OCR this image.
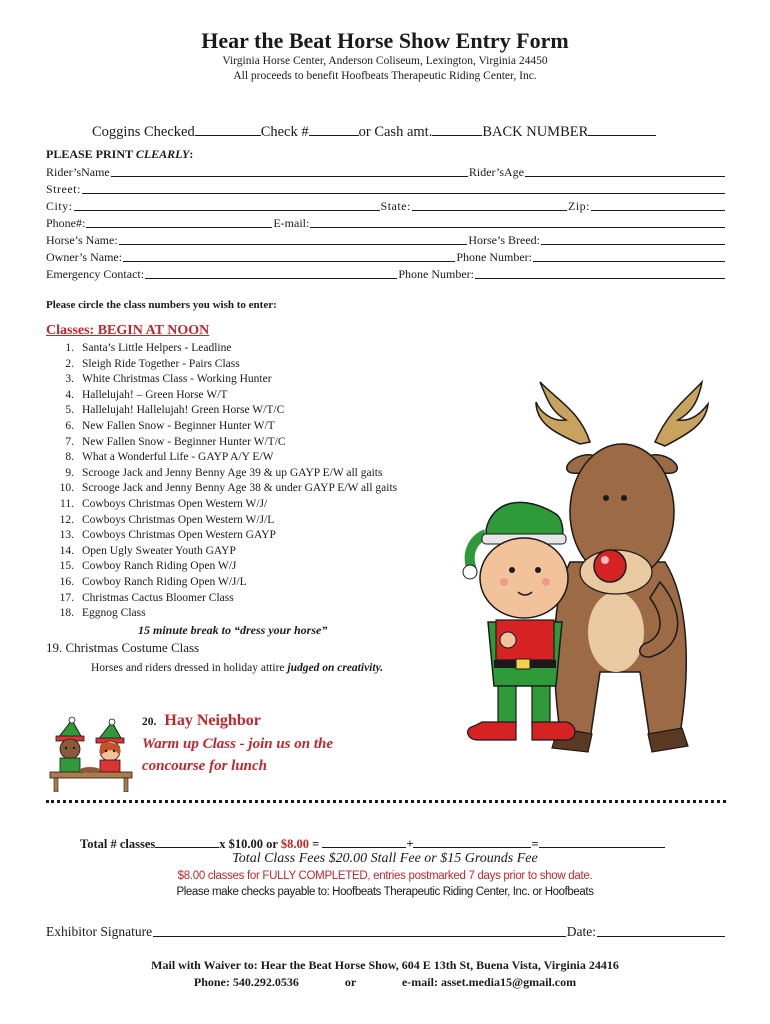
Hear the Beat Horse Show Entry Form
Virginia Horse Center, Anderson Coliseum, Lexington, Virginia 24450
All proceeds to benefit Hoofbeats Therapeutic Riding Center, Inc.
Coggins Checked	Check #	or Cash amt.	BACK NUMBER
PLEASE PRINT CLEARLY:
Rider’sName	Rider’sAge
Street:
City:	State:	Zip:
Phone#:	E-mail:
Horse’s Name:	Horse’s Breed:
Owner’s Name:	Phone Number:
Emergency Contact:	Phone Number:
Please circle the class numbers you wish to enter:
Classes: BEGIN AT NOON
1. Santa’s Little Helpers - Leadline
2. Sleigh Ride Together - Pairs Class
3. White Christmas Class - Working Hunter
4. Hallelujah! – Green Horse W/T
5. Hallelujah! Hallelujah! Green Horse W/T/C
6. New Fallen Snow - Beginner Hunter W/T
7. New Fallen Snow - Beginner Hunter W/T/C
8. What a Wonderful Life - GAYP A/Y E/W
9. Scrooge Jack and Jenny Benny Age 39 & up GAYP E/W all gaits
10. Scrooge Jack and Jenny Benny Age 38 & under GAYP E/W all gaits
11. Cowboys Christmas Open Western W/J/
12. Cowboys Christmas Open Western W/J/L
13. Cowboys Christmas Open Western GAYP
14. Open Ugly Sweater Youth GAYP
15. Cowboy Ranch Riding Open W/J
16. Cowboy Ranch Riding Open W/J/L
17. Christmas Cactus Bloomer Class
18. Eggnog Class
15 minute break to “dress your horse”
19. Christmas Costume Class
Horses and riders dressed in holiday attire judged on creativity.
20. Hay Neighbor
Warm up Class - join us on the concourse for lunch
Total # classes	x $10.00 or $8.00 =	+	=
Total Class Fees $20.00 Stall Fee or $15 Grounds Fee
$8.00 classes for FULLY COMPLETED, entries postmarked 7 days prior to show date.
Please make checks payable to: Hoofbeats Therapeutic Riding Center, Inc. or Hoofbeats
Exhibitor Signature	Date:
Mail with Waiver to: Hear the Beat Horse Show, 604 E 13th St, Buena Vista, Virginia 24416
Phone: 540.292.0536	or	e-mail: asset.media15@gmail.com
